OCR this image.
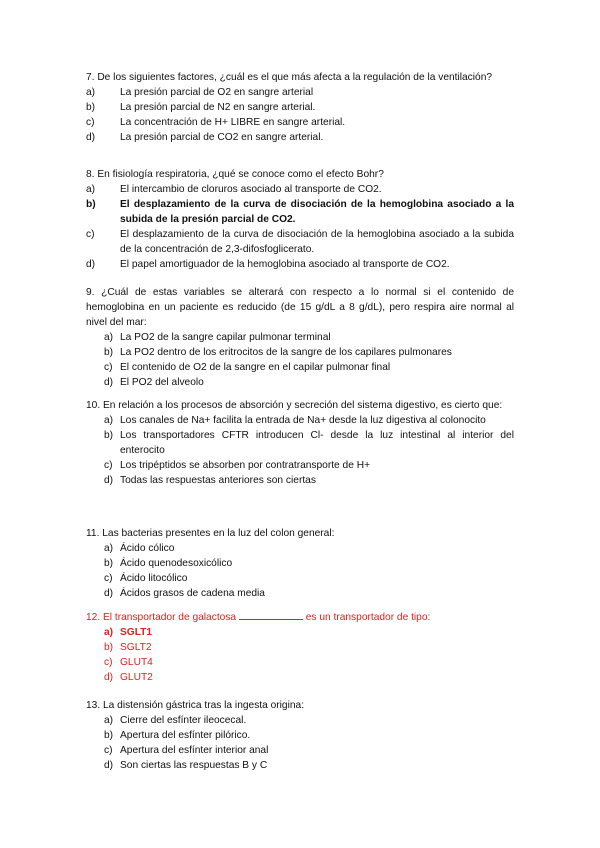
7. De los siguientes factores, ¿cuál es el que más afecta a la regulación de la ventilación?
a)	La presión parcial de O2 en sangre arterial
b)	La presión parcial de N2 en sangre arterial.
c)	La concentración de H+ LIBRE en sangre arterial.
d)	La presión parcial de CO2 en sangre arterial.
8. En fisiología respiratoria, ¿qué se conoce como el efecto Bohr?
a)	El intercambio de cloruros asociado al transporte de CO2.
b)	El desplazamiento de la curva de disociación de la hemoglobina asociado a la subida de la presión parcial de CO2.
c)	El desplazamiento de la curva de disociación de la hemoglobina asociado a la subida de la concentración de 2,3-difosfoglicerato.
d)	El papel amortiguador de la hemoglobina asociado al transporte de CO2.
9. ¿Cuál de estas variables se alterará con respecto a lo normal si el contenido de hemoglobina en un paciente es reducido (de 15 g/dL a 8 g/dL), pero respira aire normal al nivel del mar:
a) La PO2 de la sangre capilar pulmonar terminal
b) La PO2 dentro de los eritrocitos de la sangre de los capilares pulmonares
c) El contenido de O2 de la sangre en el capilar pulmonar final
d) El PO2 del alveolo
10. En relación a los procesos de absorción y secreción del sistema digestivo, es cierto que:
a) Los canales de Na+ facilita la entrada de Na+ desde la luz digestiva al colonocito
b) Los transportadores CFTR introducen Cl- desde la luz intestinal al interior del enterocito
c) Los tripéptidos se absorben por contratransporte de H+
d) Todas las respuestas anteriores son ciertas
11. Las bacterias presentes en la luz del colon general:
a) Ácido cólico
b) Ácido quenodesoxicólico
c) Ácido litocólico
d) Ácidos grasos de cadena media
12. El transportador de galactosa	es un transportador de tipo:
a) SGLT1
b) SGLT2
c) GLUT4
d) GLUT2
13. La distensión gástrica tras la ingesta origina:
a) Cierre del esfínter ileocecal.
b) Apertura del esfínter pilórico.
c) Apertura del esfínter interior anal
d) Son ciertas las respuestas B y C
